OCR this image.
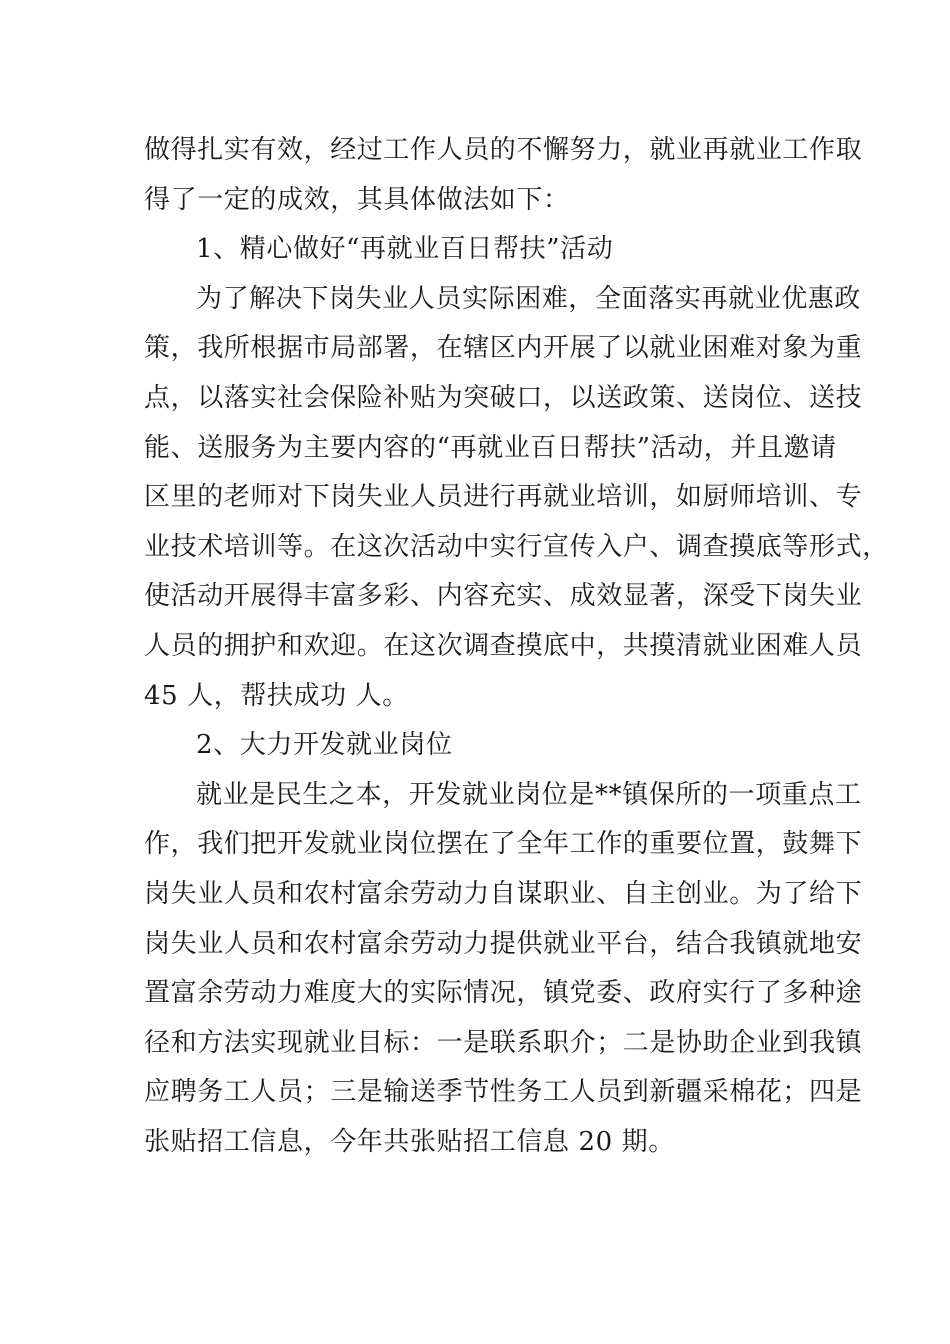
做得扎实有效，经过工作人员的不懈努力，就业再就业工作取
得了一定的成效，其具体做法如下：
1、精心做好“再就业百日帮扶”活动
为了解决下岗失业人员实际困难，全面落实再就业优惠政
策，我所根据市局部署，在辖区内开展了以就业困难对象为重
点，以落实社会保险补贴为突破口，以送政策、送岗位、送技
能、送服务为主要内容的“再就业百日帮扶”活动，并且邀请
区里的老师对下岗失业人员进行再就业培训，如厨师培训、专
业技术培训等。在这次活动中实行宣传入户、调查摸底等形式，
使活动开展得丰富多彩、内容充实、成效显著，深受下岗失业
人员的拥护和欢迎。在这次调查摸底中，共摸清就业困难人员
45 人，帮扶成功 人。
2、大力开发就业岗位
就业是民生之本，开发就业岗位是**镇保所的一项重点工
作，我们把开发就业岗位摆在了全年工作的重要位置，鼓舞下
岗失业人员和农村富余劳动力自谋职业、自主创业。为了给下
岗失业人员和农村富余劳动力提供就业平台，结合我镇就地安
置富余劳动力难度大的实际情况，镇党委、政府实行了多种途
径和方法实现就业目标：一是联系职介；二是协助企业到我镇
应聘务工人员；三是输送季节性务工人员到新疆采棉花；四是
张贴招工信息，今年共张贴招工信息 20 期。
